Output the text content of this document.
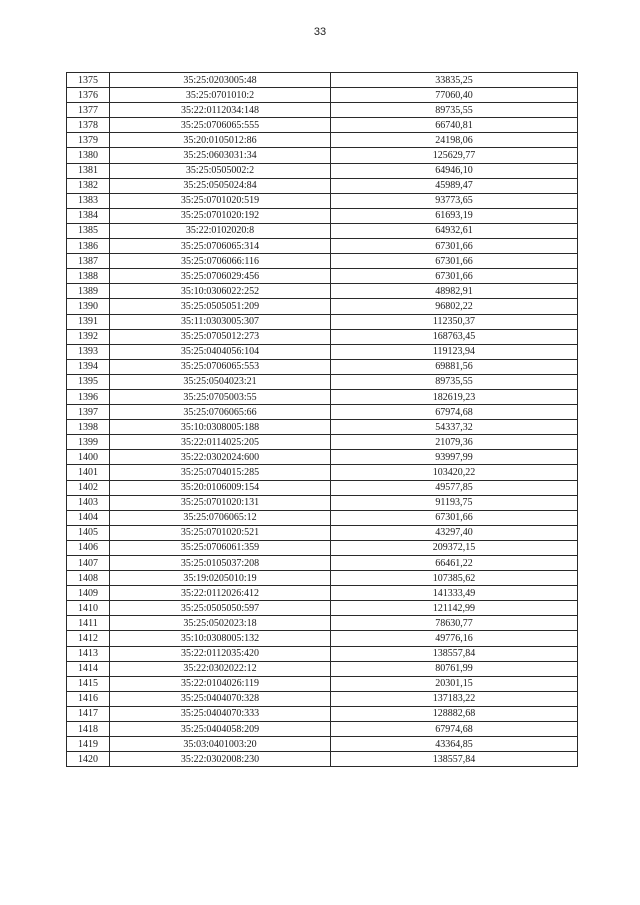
33
1375	35:25:0203005:48	33835,25
1376	35:25:0701010:2	77060,40
1377	35:22:0112034:148	89735,55
1378	35:25:0706065:555	66740,81
1379	35:20:0105012:86	24198,06
1380	35:25:0603031:34	125629,77
1381	35:25:0505002:2	64946,10
1382	35:25:0505024:84	45989,47
1383	35:25:0701020:519	93773,65
1384	35:25:0701020:192	61693,19
1385	35:22:0102020:8	64932,61
1386	35:25:0706065:314	67301,66
1387	35:25:0706066:116	67301,66
1388	35:25:0706029:456	67301,66
1389	35:10:0306022:252	48982,91
1390	35:25:0505051:209	96802,22
1391	35:11:0303005:307	112350,37
1392	35:25:0705012:273	168763,45
1393	35:25:0404056:104	119123,94
1394	35:25:0706065:553	69881,56
1395	35:25:0504023:21	89735,55
1396	35:25:0705003:55	182619,23
1397	35:25:0706065:66	67974,68
1398	35:10:0308005:188	54337,32
1399	35:22:0114025:205	21079,36
1400	35:22:0302024:600	93997,99
1401	35:25:0704015:285	103420,22
1402	35:20:0106009:154	49577,85
1403	35:25:0701020:131	91193,75
1404	35:25:0706065:12	67301,66
1405	35:25:0701020:521	43297,40
1406	35:25:0706061:359	209372,15
1407	35:25:0105037:208	66461,22
1408	35:19:0205010:19	107385,62
1409	35:22:0112026:412	141333,49
1410	35:25:0505050:597	121142,99
1411	35:25:0502023:18	78630,77
1412	35:10:0308005:132	49776,16
1413	35:22:0112035:420	138557,84
1414	35:22:0302022:12	80761,99
1415	35:22:0104026:119	20301,15
1416	35:25:0404070:328	137183,22
1417	35:25:0404070:333	128882,68
1418	35:25:0404058:209	67974,68
1419	35:03:0401003:20	43364,85
1420	35:22:0302008:230	138557,84
